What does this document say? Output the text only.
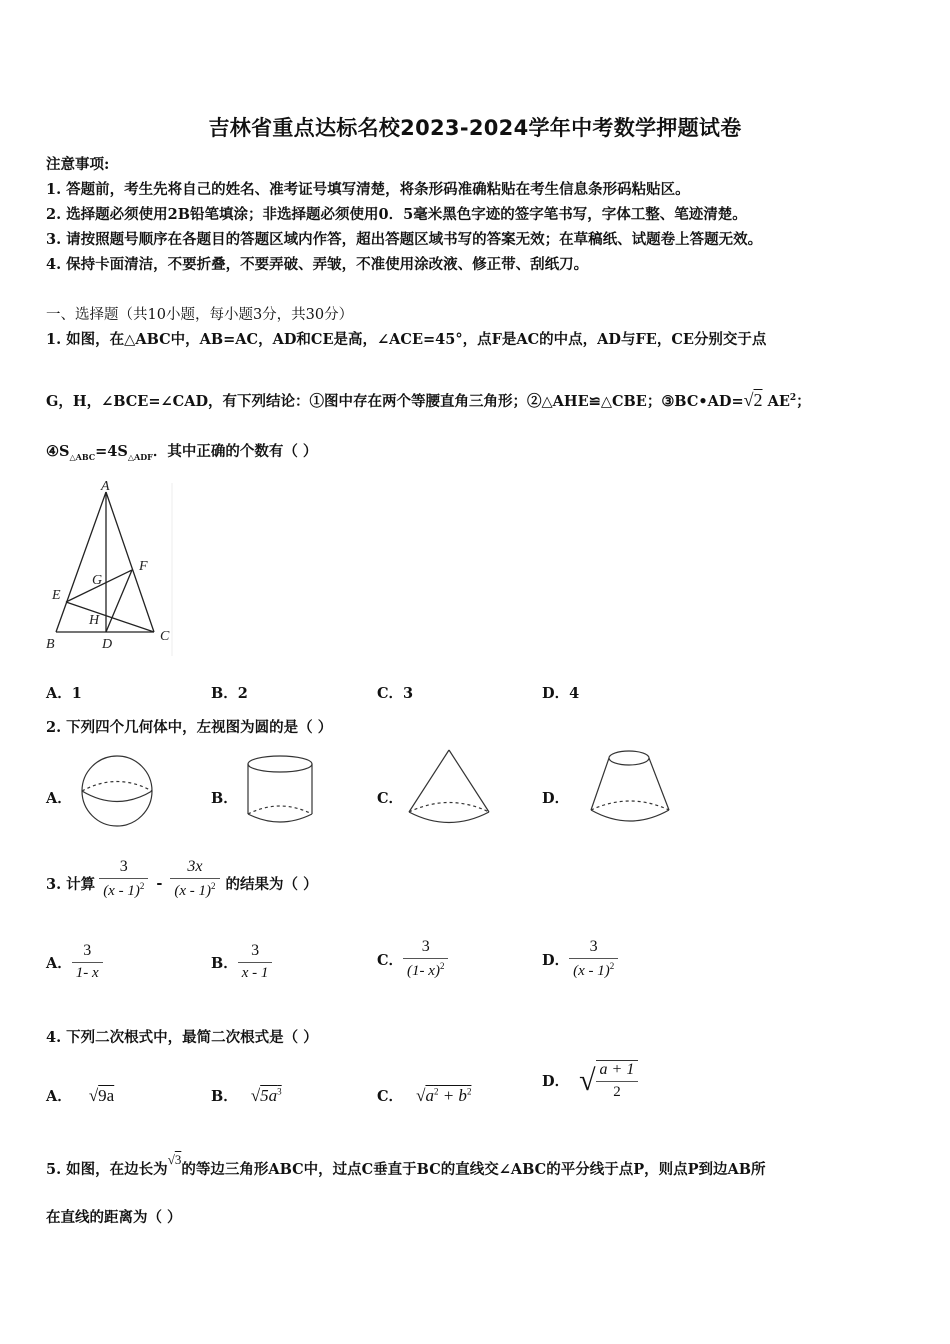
吉林省重点达标名校2023-2024学年中考数学押题试卷
注意事项:
1. 答题前，考生先将自己的姓名、准考证号填写清楚，将条形码准确粘贴在考生信息条形码粘贴区。
2. 选择题必须使用2B铅笔填涂；非选择题必须使用0．5毫米黑色字迹的签字笔书写，字体工整、笔迹清楚。
3. 请按照题号顺序在各题目的答题区域内作答，超出答题区域书写的答案无效；在草稿纸、试题卷上答题无效。
4. 保持卡面清洁，不要折叠，不要弄破、弄皱，不准使用涂改液、修正带、刮纸刀。
一、选择题（共10小题，每小题3分，共30分）
1. 如图，在△ABC中，AB=AC，AD和CE是高，∠ACE=45°，点F是AC的中点，AD与FE，CE分别交于点
G，H，∠BCE=∠CAD，有下列结论：①图中存在两个等腰直角三角形；②△AHE≌△CBE；③BC•AD=√2 $AE^2$；
$④S_{\triangle ABC}=4S_{\triangle ADF}$．其中正确的个数有（ ）
A
B
C
D
E
F
G
H
A．1	B．2	C．3	D．4
2. 下列四个几何体中，左视图为圆的是（ ）
A．	B．	C．	D．
3. 计算 $\frac{3}{(x - 1)^2} - \frac{3x}{(x - 1)^2}$ 的结果为（ ）
A． $\frac{3}{1- x}$	B． $\frac{3}{x - 1}$	C． $\frac{3}{(1- x)^2}$	D． $\frac{3}{(x - 1)^2}$
4. 下列二次根式中，最简二次根式是（ ）
A． √9a	B． $√5a^3$	C． $√a^2 + b^2$
D． √ $\frac{a + 1}{2}$
5. 如图，在边长为√3的等边三角形ABC中，过点C垂直于BC的直线交∠ABC的平分线于点P，则点P到边AB所
在直线的距离为（ ）
